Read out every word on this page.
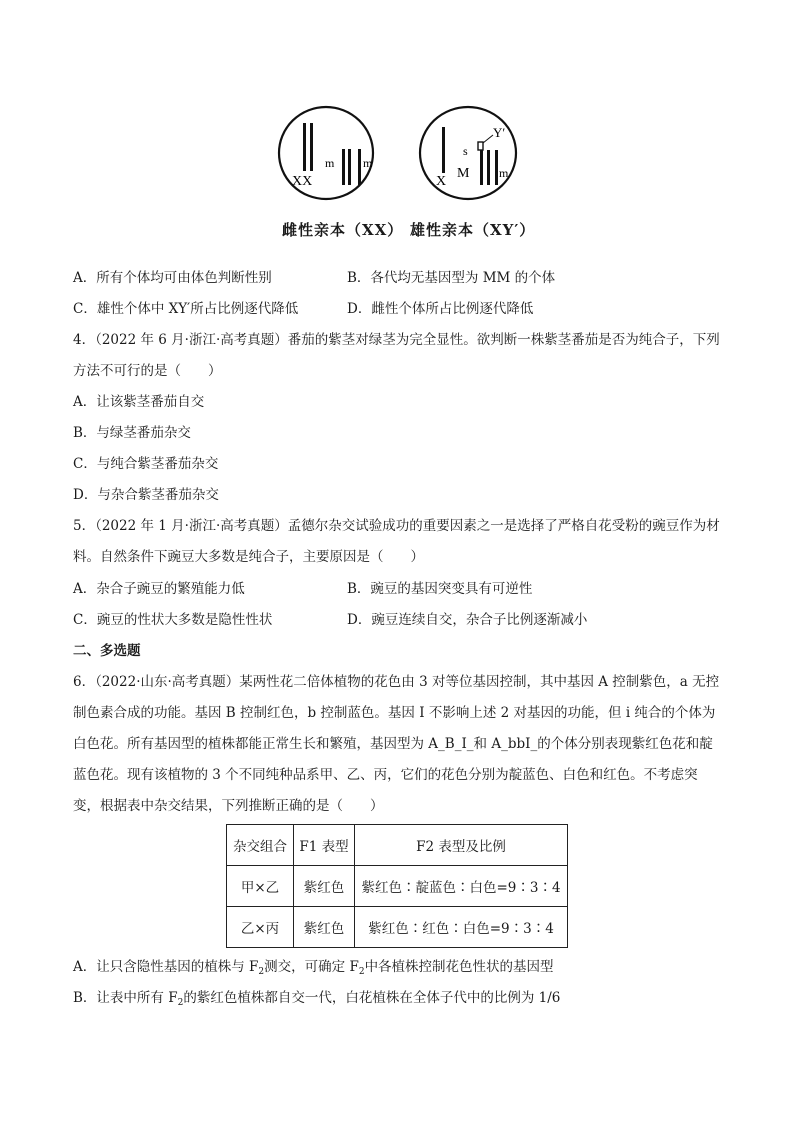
XX
m m
X
s
Y′
M m
雌性亲本（XX） 雄性亲本（XY′）
A．所有个体均可由体色判断性别	B．各代均无基因型为 MM 的个体
C．雄性个体中 XY′所占比例逐代降低	D．雌性个体所占比例逐代降低
4．（2022 年 6 月·浙江·高考真题）番茄的紫茎对绿茎为完全显性。欲判断一株紫茎番茄是否为纯合子，下列
方法不可行的是（　　）
A．让该紫茎番茄自交
B．与绿茎番茄杂交
C．与纯合紫茎番茄杂交
D．与杂合紫茎番茄杂交
5．（2022 年 1 月·浙江·高考真题）孟德尔杂交试验成功的重要因素之一是选择了严格自花受粉的豌豆作为材
料。自然条件下豌豆大多数是纯合子，主要原因是（　　）
A．杂合子豌豆的繁殖能力低	B．豌豆的基因突变具有可逆性
C．豌豆的性状大多数是隐性性状	D．豌豆连续自交，杂合子比例逐渐减小
二、多选题
6．（2022·山东·高考真题）某两性花二倍体植物的花色由 3 对等位基因控制，其中基因 A 控制紫色，a 无控
制色素合成的功能。基因 B 控制红色，b 控制蓝色。基因 I 不影响上述 2 对基因的功能，但 i 纯合的个体为
白色花。所有基因型的植株都能正常生长和繁殖，基因型为 A_B_I_和 A_bbI_的个体分别表现紫红色花和靛
蓝色花。现有该植物的 3 个不同纯种品系甲、乙、丙，它们的花色分别为靛蓝色、白色和红色。不考虑突
变，根据表中杂交结果，下列推断正确的是（　　）
杂交组合	F1 表型	F2 表型及比例
甲×乙	紫红色	紫红色∶靛蓝色∶白色=9∶3∶4
乙×丙	紫红色	紫红色∶红色∶白色=9∶3∶4
A．让只含隐性基因的植株与 $F_2$测交，可确定 $F_2$中各植株控制花色性状的基因型
B．让表中所有 $F_2$的紫红色植株都自交一代，白花植株在全体子代中的比例为 1/6
